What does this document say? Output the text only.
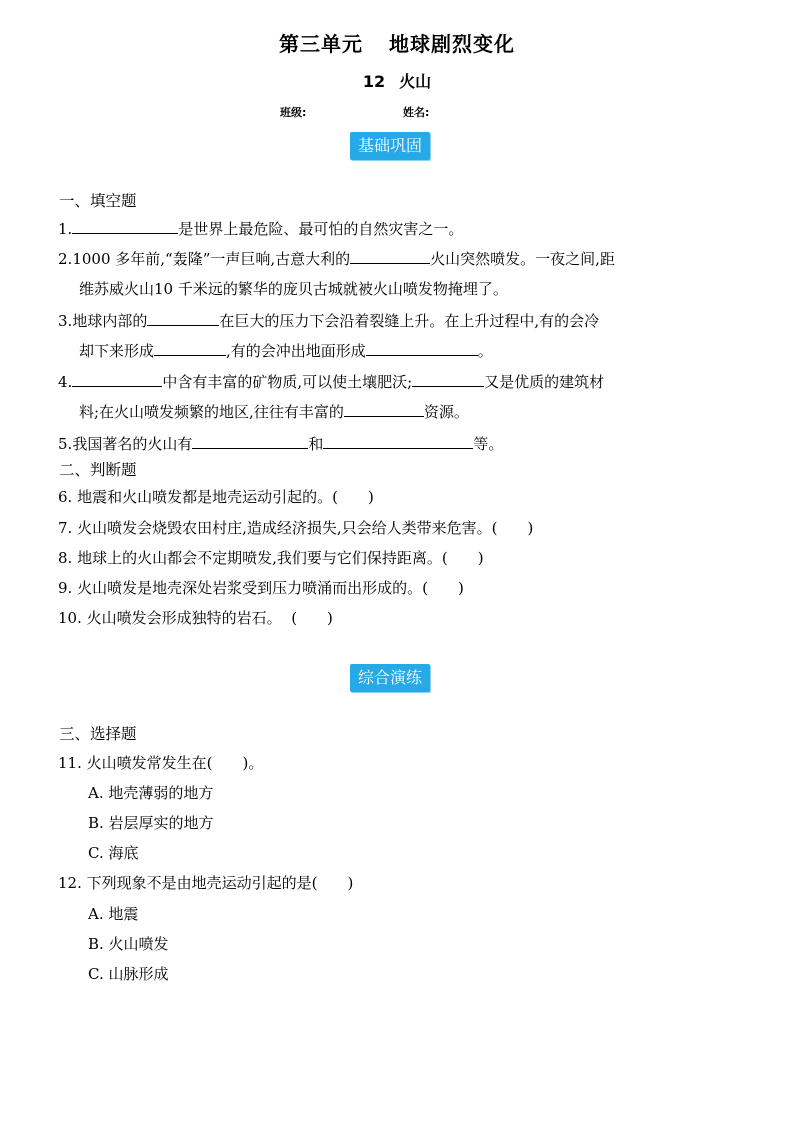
第三单元 地球剧烈变化
12 火山
班级:	姓名:
基础巩固
一、填空题
1.	是世界上最危险、最可怕的自然灾害之一。
2.1000 多年前,“轰隆”一声巨响,古意大利的	火山突然喷发。一夜之间,距
维苏威火山10 千米远的繁华的庞贝古城就被火山喷发物掩埋了。
3.地球内部的	在巨大的压力下会沿着裂缝上升。在上升过程中,有的会冷
却下来形成	,有的会冲出地面形成	。
4.	中含有丰富的矿物质,可以使土壤肥沃;	又是优质的建筑材
料;在火山喷发频繁的地区,往往有丰富的	资源。
5.我国著名的火山有	和	等。
二、判断题
6. 地震和火山喷发都是地壳运动引起的。(　　)
7. 火山喷发会烧毁农田村庄,造成经济损失,只会给人类带来危害。(　　)
8. 地球上的火山都会不定期喷发,我们要与它们保持距离。(　　)
9. 火山喷发是地壳深处岩浆受到压力喷涌而出形成的。(　　)
10. 火山喷发会形成独特的岩石。 (　　)
综合演练
三、选择题
11. 火山喷发常发生在(　　)。
A. 地壳薄弱的地方
B. 岩层厚实的地方
C. 海底
12. 下列现象不是由地壳运动引起的是(　　)
A. 地震
B. 火山喷发
C. 山脉形成
